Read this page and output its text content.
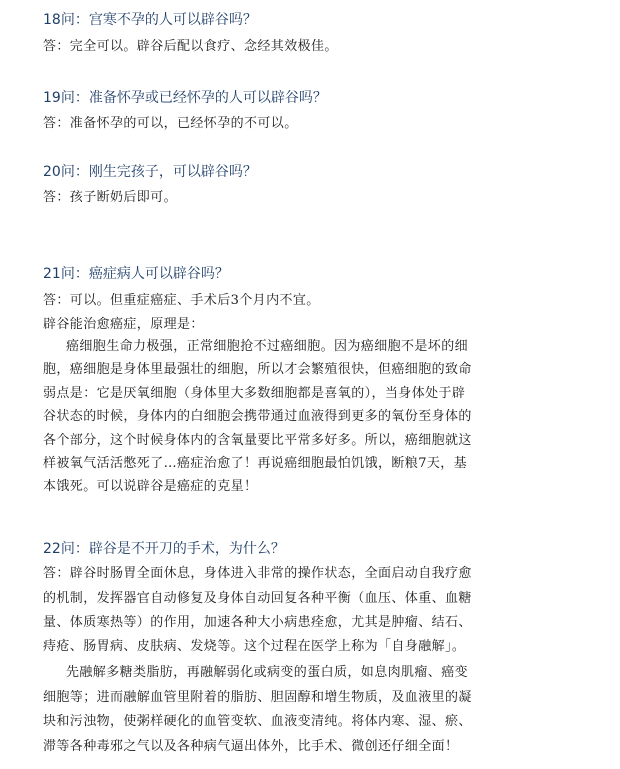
18问：宫寒不孕的人可以辟谷吗？
答：完全可以。辟谷后配以食疗、念经其效极佳。
19问：准备怀孕或已经怀孕的人可以辟谷吗？
答：准备怀孕的可以，已经怀孕的不可以。
20问：刚生完孩子，可以辟谷吗？
答：孩子断奶后即可。
21问：癌症病人可以辟谷吗？
答：可以。但重症癌症、手术后3个月内不宜。
辟谷能治愈癌症，原理是：
癌细胞生命力极强，正常细胞抢不过癌细胞。因为癌细胞不是坏的细
胞，癌细胞是身体里最强壮的细胞，所以才会繁殖很快，但癌细胞的致命
弱点是：它是厌氧细胞（身体里大多数细胞都是喜氧的），当身体处于辟
谷状态的时候，身体内的白细胞会携带通过血液得到更多的氧份至身体的
各个部分，这个时候身体内的含氧量要比平常多好多。所以，癌细胞就这
样被氧气活活憋死了…癌症治愈了！再说癌细胞最怕饥饿，断粮7天，基
本饿死。可以说辟谷是癌症的克星！
22问：辟谷是不开刀的手术，为什么？
答：辟谷时肠胃全面休息，身体进入非常的操作状态，全面启动自我疗愈
的机制，发挥器官自动修复及身体自动回复各种平衡（血压、体重、血糖
量、体质寒热等）的作用，加速各种大小病患痊愈，尤其是肿瘤、结石、
痔疮、肠胃病、皮肤病、发烧等。这个过程在医学上称为「自身融解」。
先融解多糖类脂肪，再融解弱化或病变的蛋白质，如息肉肌瘤、癌变
细胞等；进而融解血管里附着的脂肪、胆固醇和增生物质，及血液里的凝
块和污浊物，使粥样硬化的血管变软、血液变清纯。将体内寒、湿、瘀、
滞等各种毒邪之气以及各种病气逼出体外，比手术、微创还仔细全面！
